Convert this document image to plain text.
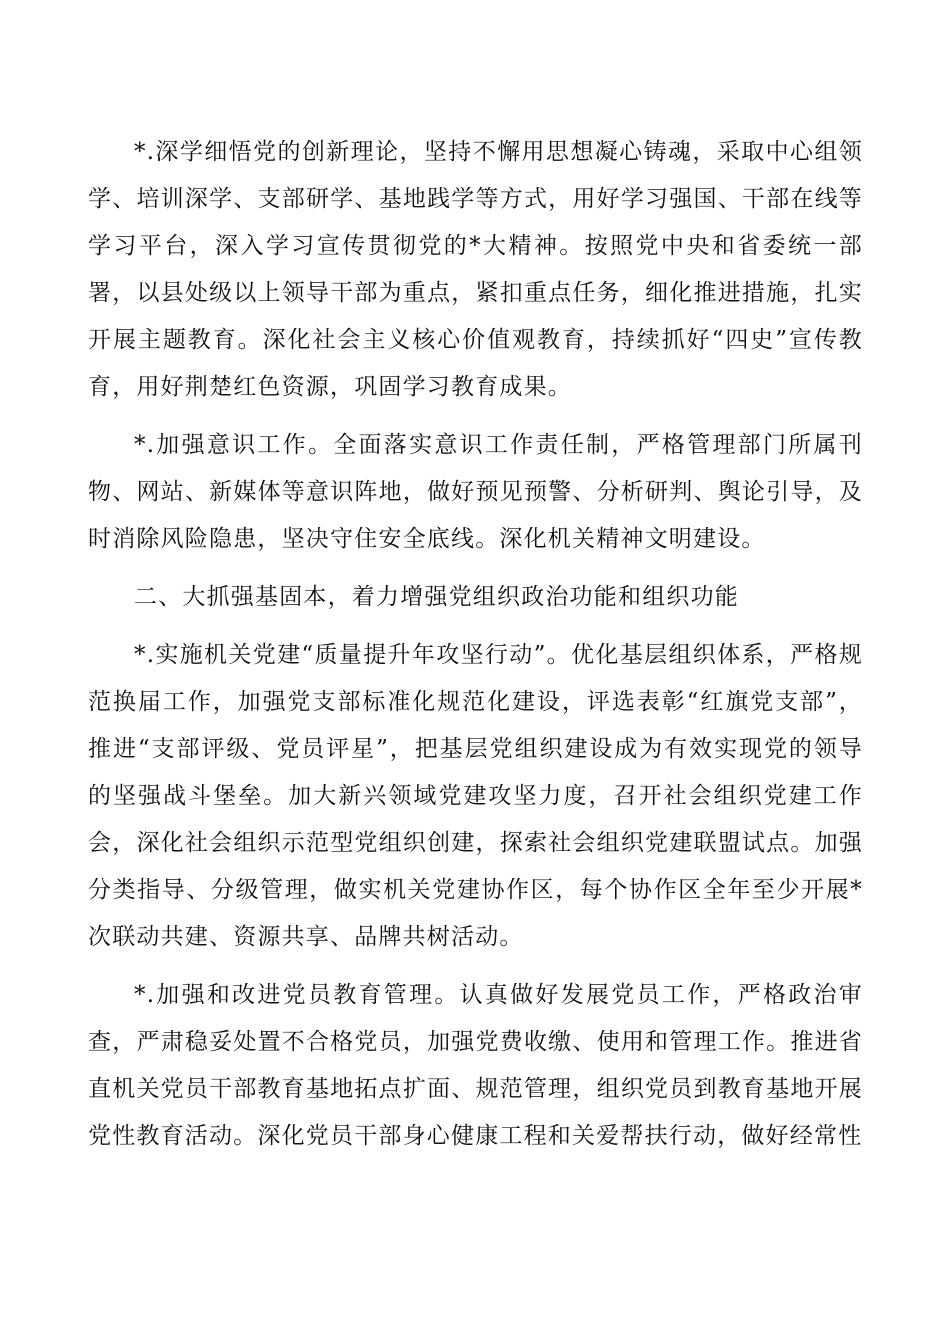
*.深学细悟党的创新理论，坚持不懈用思想凝心铸魂，采取中心组领学、培训深学、支部研学、基地践学等方式，用好学习强国、干部在线等学习平台，深入学习宣传贯彻党的*大精神。按照党中央和省委统一部署，以县处级以上领导干部为重点，紧扣重点任务，细化推进措施，扎实开展主题教育。深化社会主义核心价值观教育，持续抓好“四史”宣传教育，用好荆楚红色资源，巩固学习教育成果。

*.加强意识工作。全面落实意识工作责任制，严格管理部门所属刊物、网站、新媒体等意识阵地，做好预见预警、分析研判、舆论引导，及时消除风险隐患，坚决守住安全底线。深化机关精神文明建设。

二、大抓强基固本，着力增强党组织政治功能和组织功能

*.实施机关党建“质量提升年攻坚行动”。优化基层组织体系，严格规范换届工作，加强党支部标准化规范化建设，评选表彰“红旗党支部”，推进“支部评级、党员评星”，把基层党组织建设成为有效实现党的领导的坚强战斗堡垒。加大新兴领域党建攻坚力度，召开社会组织党建工作会，深化社会组织示范型党组织创建，探索社会组织党建联盟试点。加强分类指导、分级管理，做实机关党建协作区，每个协作区全年至少开展*次联动共建、资源共享、品牌共树活动。

*.加强和改进党员教育管理。认真做好发展党员工作，严格政治审查，严肃稳妥处置不合格党员，加强党费收缴、使用和管理工作。推进省直机关党员干部教育基地拓点扩面、规范管理，组织党员到教育基地开展党性教育活动。深化党员干部身心健康工程和关爱帮扶行动，做好经常性
